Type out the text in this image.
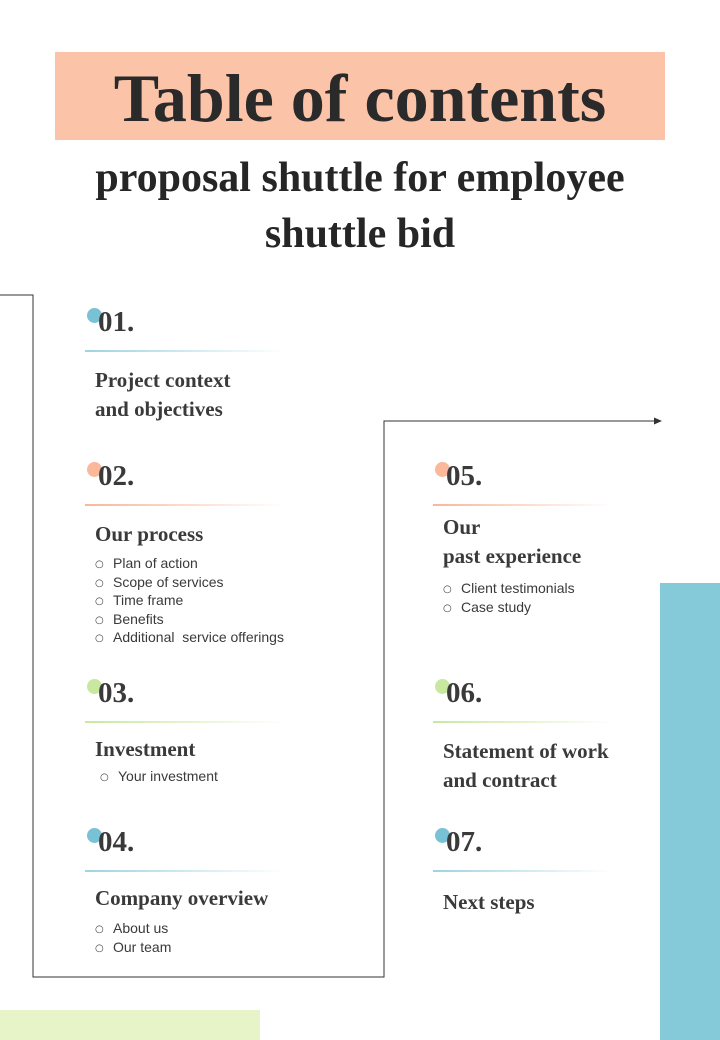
Table of contents
proposal shuttle for employee
shuttle bid

01.

Project context
and objectives

02.

Our process

○ Plan of action
○ Scope of services
○ Time frame
○ Benefits
○ Additional  service offerings

03.

Investment

○ Your investment

04.

Company overview

○ About us
○ Our team

05.

Our
past experience

○ Client testimonials
○ Case study

06.

Statement of work
and contract

07.

Next steps
